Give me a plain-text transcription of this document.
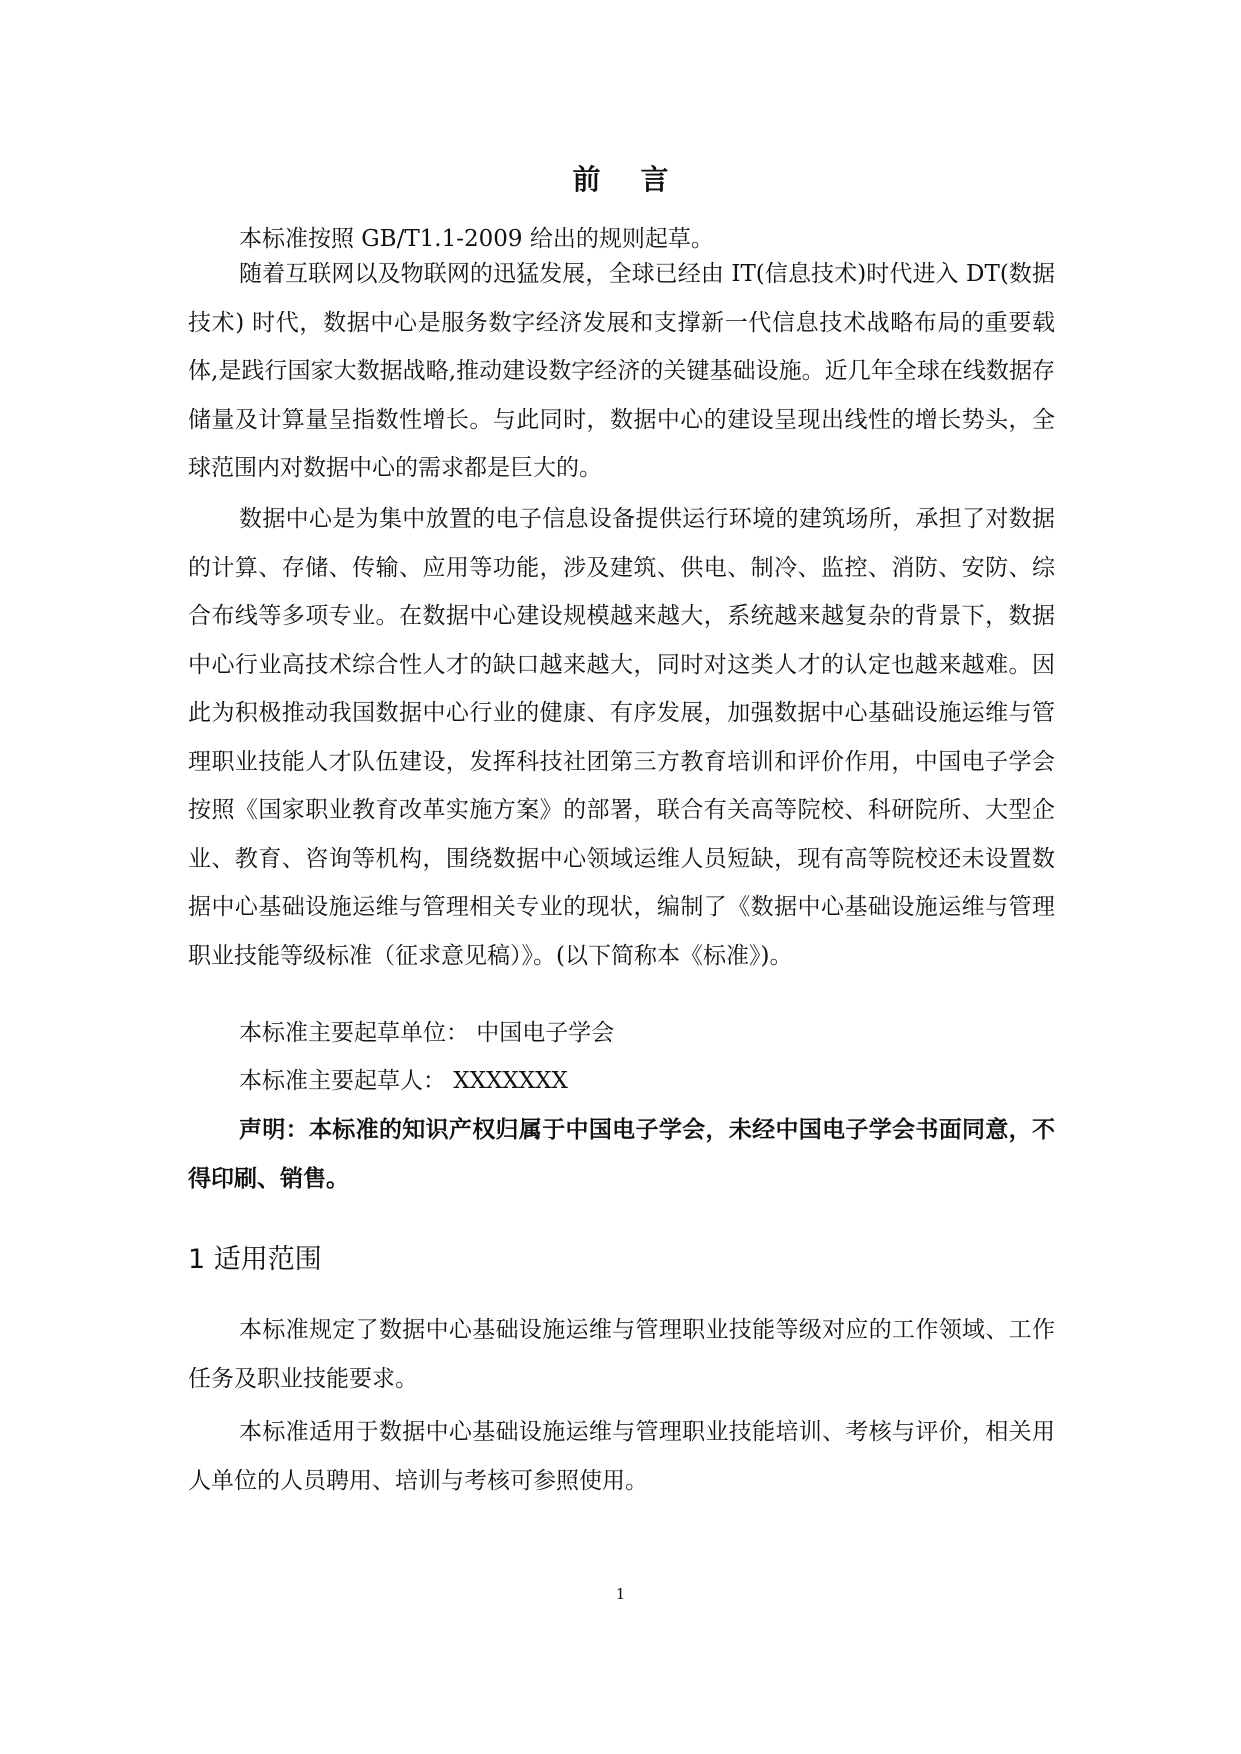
前 言

本标准按照 GB/T1.1-2009 给出的规则起草。

随着互联网以及物联网的迅猛发展，全球已经由 IT(信息技术)时代进入 DT(数据技术) 时代，数据中心是服务数字经济发展和支撑新一代信息技术战略布局的重要载体,是践行国家大数据战略,推动建设数字经济的关键基础设施。近几年全球在线数据存储量及计算量呈指数性增长。与此同时，数据中心的建设呈现出线性的增长势头，全球范围内对数据中心的需求都是巨大的。

数据中心是为集中放置的电子信息设备提供运行环境的建筑场所，承担了对数据的计算、存储、传输、应用等功能，涉及建筑、供电、制冷、监控、消防、安防、综合布线等多项专业。在数据中心建设规模越来越大，系统越来越复杂的背景下，数据中心行业高技术综合性人才的缺口越来越大，同时对这类人才的认定也越来越难。因此为积极推动我国数据中心行业的健康、有序发展，加强数据中心基础设施运维与管理职业技能人才队伍建设，发挥科技社团第三方教育培训和评价作用，中国电子学会按照《国家职业教育改革实施方案》的部署，联合有关高等院校、科研院所、大型企业、教育、咨询等机构，围绕数据中心领域运维人员短缺，现有高等院校还未设置数据中心基础设施运维与管理相关专业的现状，编制了《数据中心基础设施运维与管理职业技能等级标准（征求意见稿）》。(以下简称本《标准》)。

本标准主要起草单位： 中国电子学会

本标准主要起草人： XXXXXXX

声明：本标准的知识产权归属于中国电子学会，未经中国电子学会书面同意，不得印刷、销售。

1 适用范围

本标准规定了数据中心基础设施运维与管理职业技能等级对应的工作领域、工作任务及职业技能要求。

本标准适用于数据中心基础设施运维与管理职业技能培训、考核与评价，相关用人单位的人员聘用、培训与考核可参照使用。

1
